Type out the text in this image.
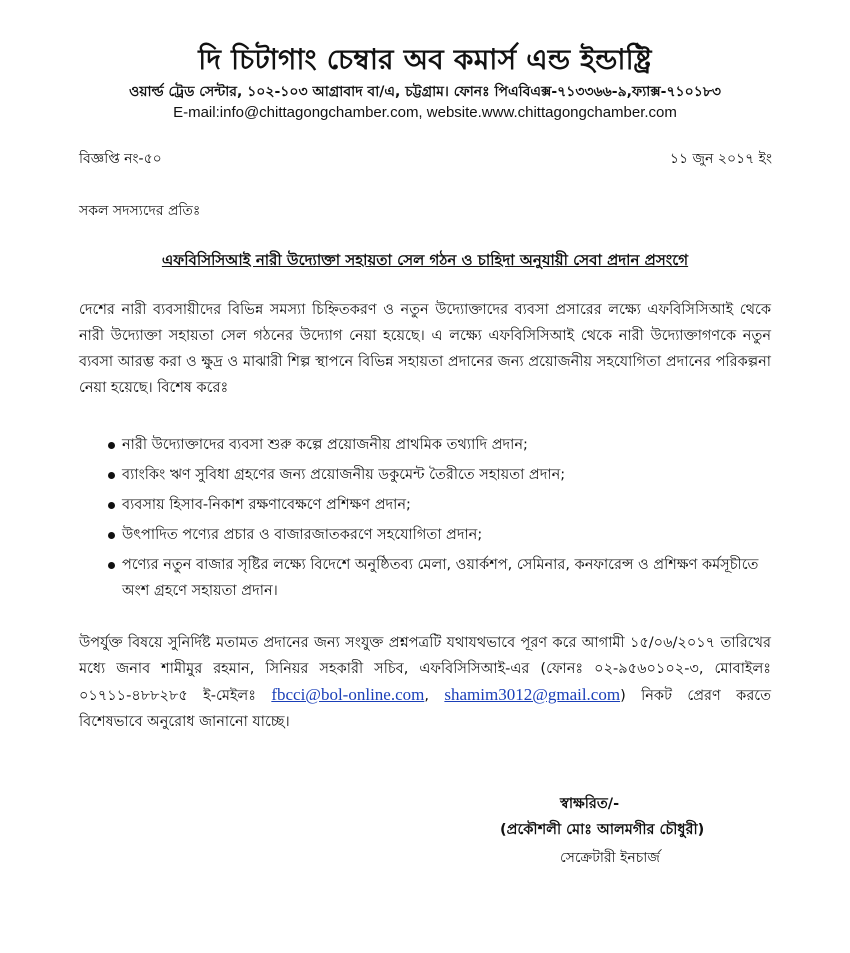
দি চিটাগাং চেম্বার অব কমার্স এন্ড ইন্ডাষ্ট্রি
ওয়ার্ল্ড ট্রেড সেন্টার, ১০২-১০৩ আগ্রাবাদ বা/এ, চট্টগ্রাম। ফোনঃ পিএবিএক্স-৭১৩৩৬৬-৯,ফ্যাক্স-৭১০১৮৩
E-mail:info@chittagongchamber.com, website.www.chittagongchamber.com
বিজ্ঞপ্তি নং-৫০	১১ জুন ২০১৭ ইং
সকল সদস্যদের প্রতিঃ
এফবিসিসিআই নারী উদ্যোক্তা সহায়তা সেল গঠন ও চাহিদা অনুযায়ী সেবা প্রদান প্রসংগে
দেশের নারী ব্যবসায়ীদের বিভিন্ন সমস্যা চিহ্নিতকরণ ও নতুন উদ্যোক্তাদের ব্যবসা প্রসারের লক্ষ্যে এফবিসিসিআই থেকে নারী উদ্যোক্তা সহায়তা সেল গঠনের উদ্যোগ নেয়া হয়েছে। এ লক্ষ্যে এফবিসিসিআই থেকে নারী উদ্যোক্তাগণকে নতুন ব্যবসা আরম্ভ করা ও ক্ষুদ্র ও মাঝারী শিল্প স্থাপনে বিভিন্ন সহায়তা প্রদানের জন্য প্রয়োজনীয় সহযোগিতা প্রদানের পরিকল্পনা নেয়া হয়েছে। বিশেষ করেঃ
নারী উদ্যোক্তাদের ব্যবসা শুরু কল্পে প্রয়োজনীয় প্রাথমিক তথ্যাদি প্রদান;
ব্যাংকিং ঋণ সুবিধা গ্রহণের জন্য প্রয়োজনীয় ডকুমেন্ট তৈরীতে সহায়তা প্রদান;
ব্যবসায় হিসাব-নিকাশ রক্ষণাবেক্ষণে প্রশিক্ষণ প্রদান;
উৎপাদিত পণ্যের প্রচার ও বাজারজাতকরণে সহযোগিতা প্রদান;
পণ্যের নতুন বাজার সৃষ্টির লক্ষ্যে বিদেশে অনুষ্ঠিতব্য মেলা, ওয়ার্কশপ, সেমিনার, কনফারেন্স ও প্রশিক্ষণ কর্মসূচীতে অংশ গ্রহণে সহায়তা প্রদান।
উপর্যুক্ত বিষয়ে সুনির্দিষ্ট মতামত প্রদানের জন্য সংযুক্ত প্রশ্নপত্রটি যথাযথভাবে পূরণ করে আগামী ১৫/০৬/২০১৭ তারিখের মধ্যে জনাব শামীমুর রহমান, সিনিয়র সহকারী সচিব, এফবিসিসিআই-এর (ফোনঃ ০২-৯৫৬০১০২-৩, মোবাইলঃ ০১৭১১-৪৮৮২৮৫ ই-মেইলঃ fbcci@bol-online.com, shamim3012@gmail.com) নিকট প্রেরণ করতে বিশেষভাবে অনুরোধ জানানো যাচ্ছে।
স্বাক্ষরিত/-
(প্রকৌশলী মোঃ আলমগীর চৌধুরী)
সেক্রেটারী ইনচার্জ
